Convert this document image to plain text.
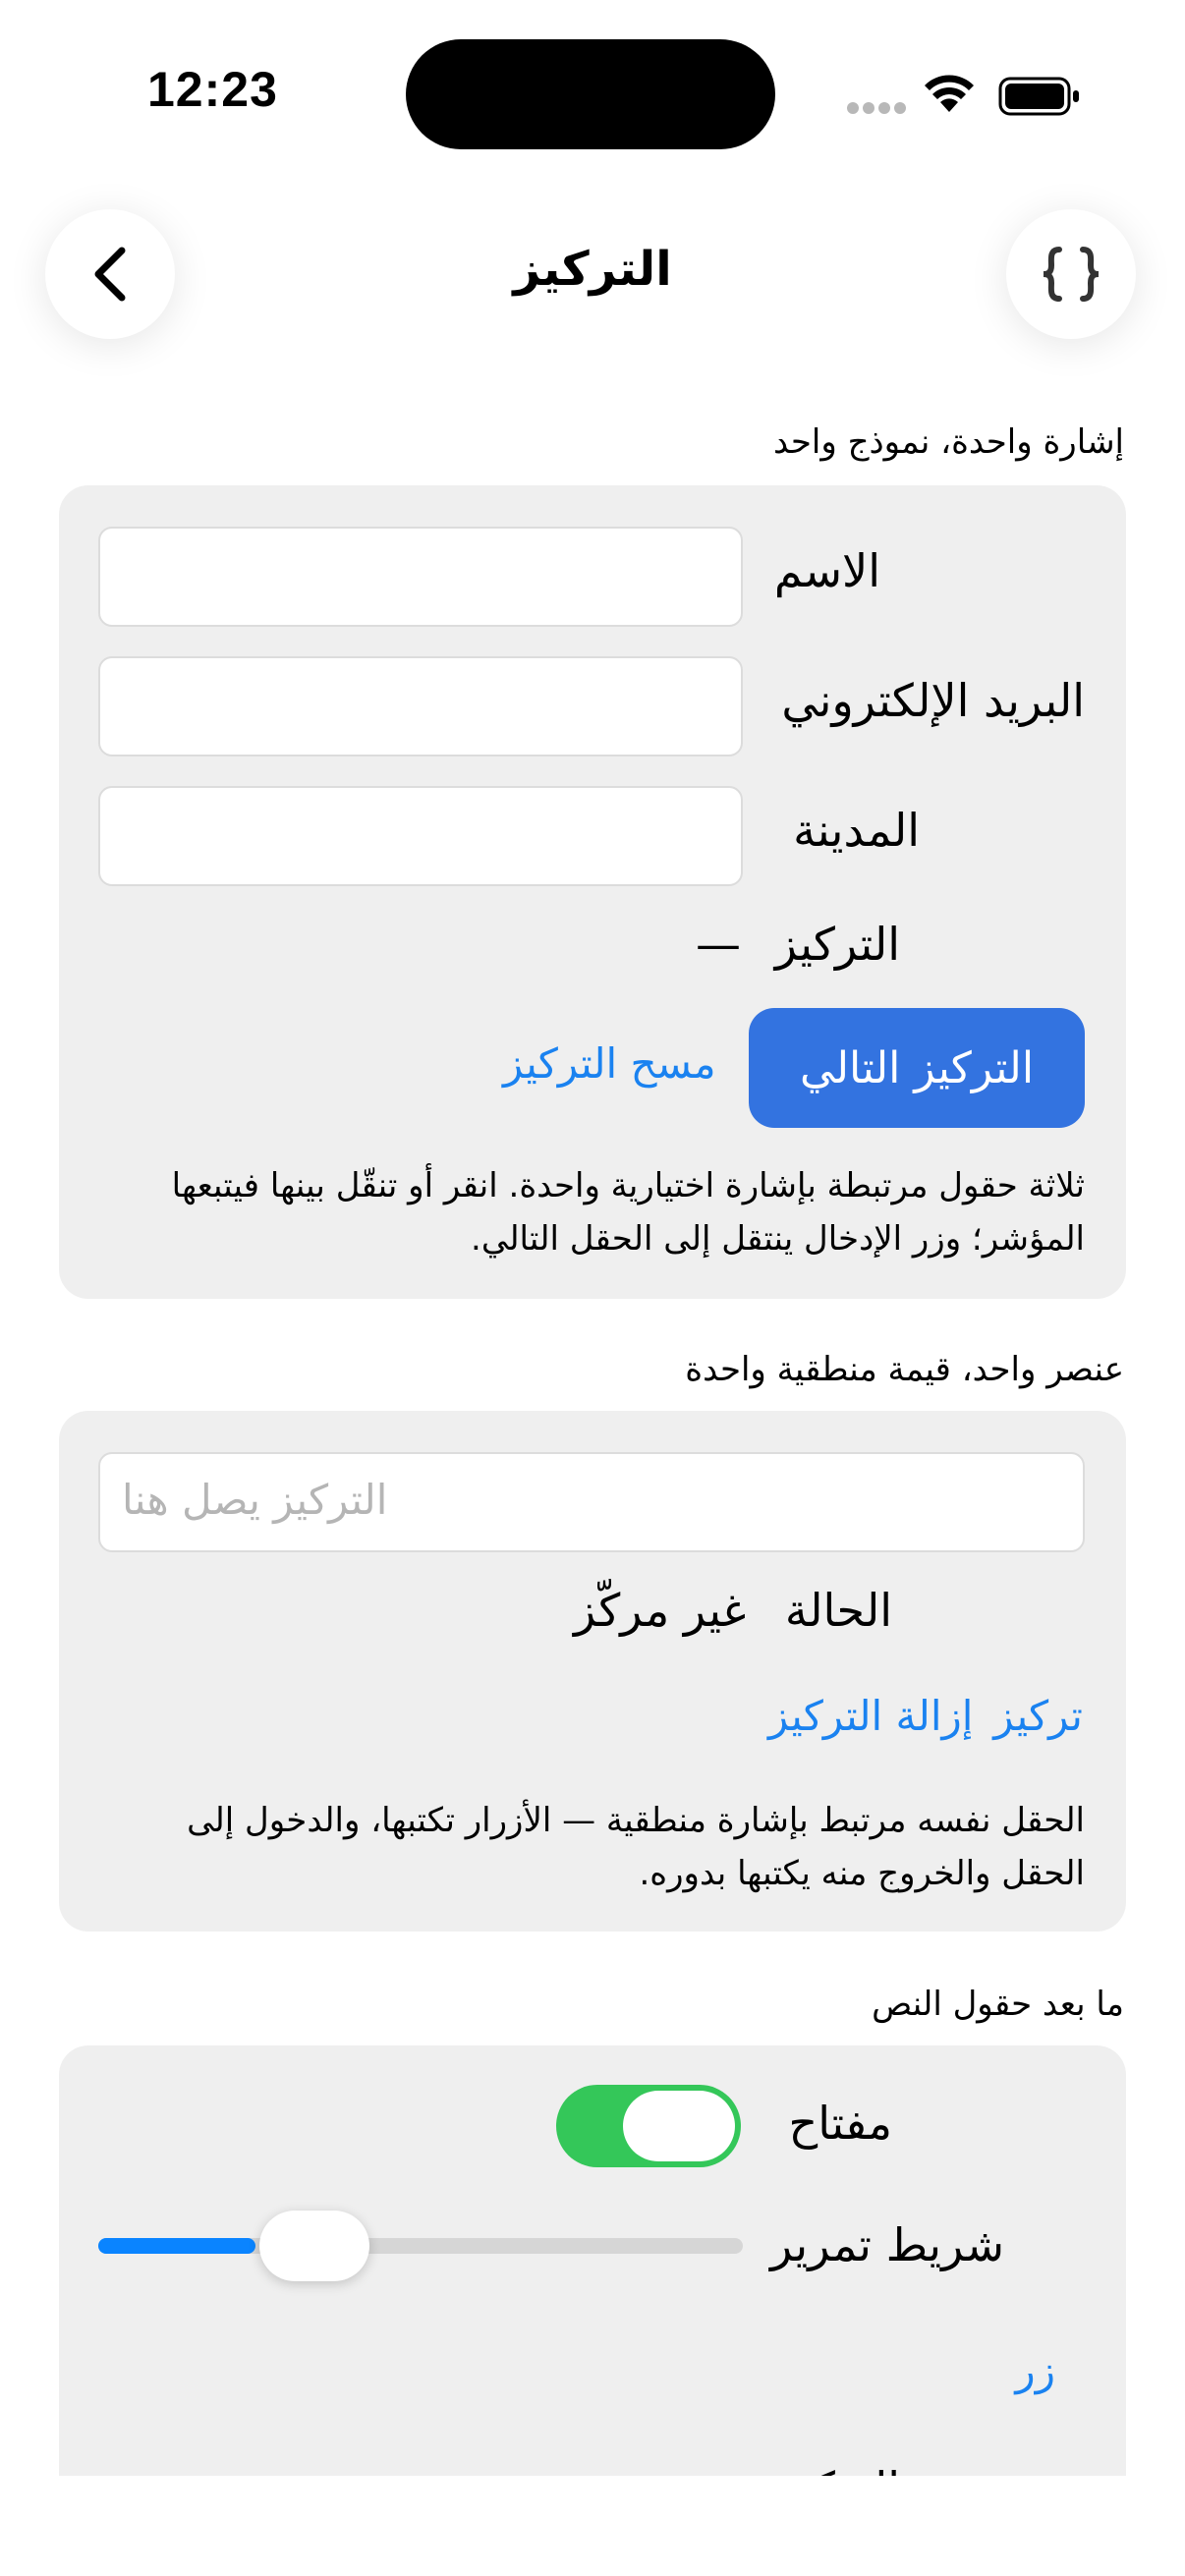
12:23
التركيز
إشارة واحدة، نموذج واحد
الاسم
البريد الإلكتروني
المدينة
التركيز
—
التركيز التالي
مسح التركيز
ثلاثة حقول مرتبطة بإشارة اختيارية واحدة. انقر أو تنقّل بينها فيتبعها المؤشر؛ وزر الإدخال ينتقل إلى الحقل التالي.
عنصر واحد، قيمة منطقية واحدة
التركيز يصل هنا
الحالة
غير مركّز
تركيز
إزالة التركيز
الحقل نفسه مرتبط بإشارة منطقية — الأزرار تكتبها، والدخول إلى الحقل والخروج منه يكتبها بدوره.
ما بعد حقول النص
مفتاح
شريط تمرير
زر
